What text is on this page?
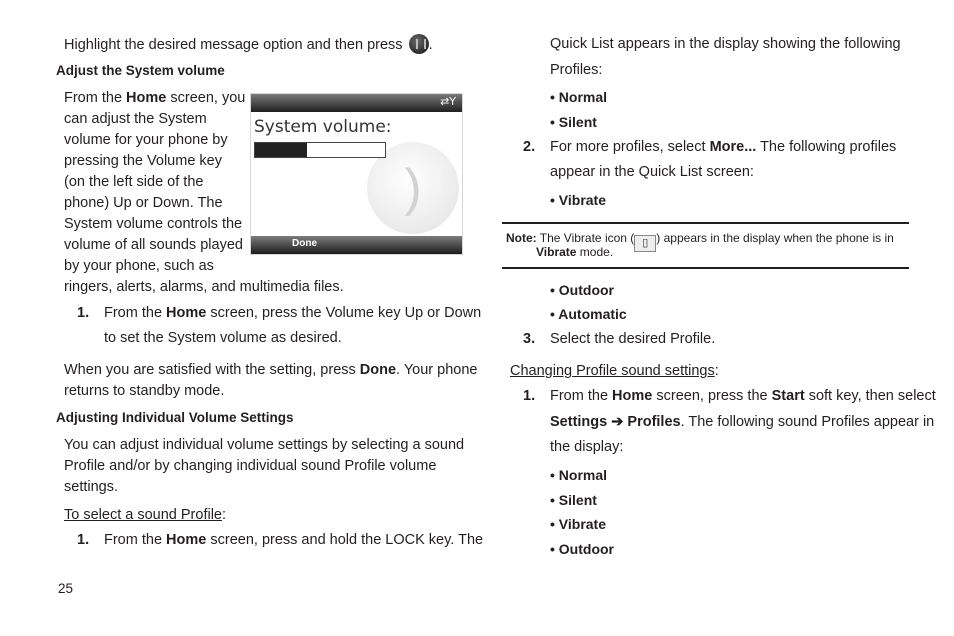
Highlight the desired message option and then press .
Adjust the System volume
From the Home screen, you
can adjust the System
volume for your phone by
pressing the Volume key
(on the left side of the
phone) Up or Down. The
System volume controls the
volume of all sounds played
by your phone, such as
ringers, alerts, alarms, and multimedia files.
⇄Y
System volume:
)
Done
1. From the Home screen, press the Volume key Up or Down
to set the System volume as desired.
When you are satisfied with the setting, press Done. Your phone
returns to standby mode.
Adjusting Individual Volume Settings
You can adjust individual volume settings by selecting a sound
Profile and/or by changing individual sound Profile volume
settings.
To select a sound Profile:
1. From the Home screen, press and hold the LOCK key. The
25
Quick List appears in the display showing the following
Profiles:
• Normal
• Silent
2. For more profiles, select More... The following profiles
appear in the Quick List screen:
• Vibrate
Note: The Vibrate icon ( ▯ ) appears in the display when the phone is in
Vibrate mode.
• Outdoor
• Automatic
3. Select the desired Profile.
Changing Profile sound settings:
1. From the Home screen, press the Start soft key, then select
Settings ➔ Profiles. The following sound Profiles appear in
the display:
• Normal
• Silent
• Vibrate
• Outdoor
